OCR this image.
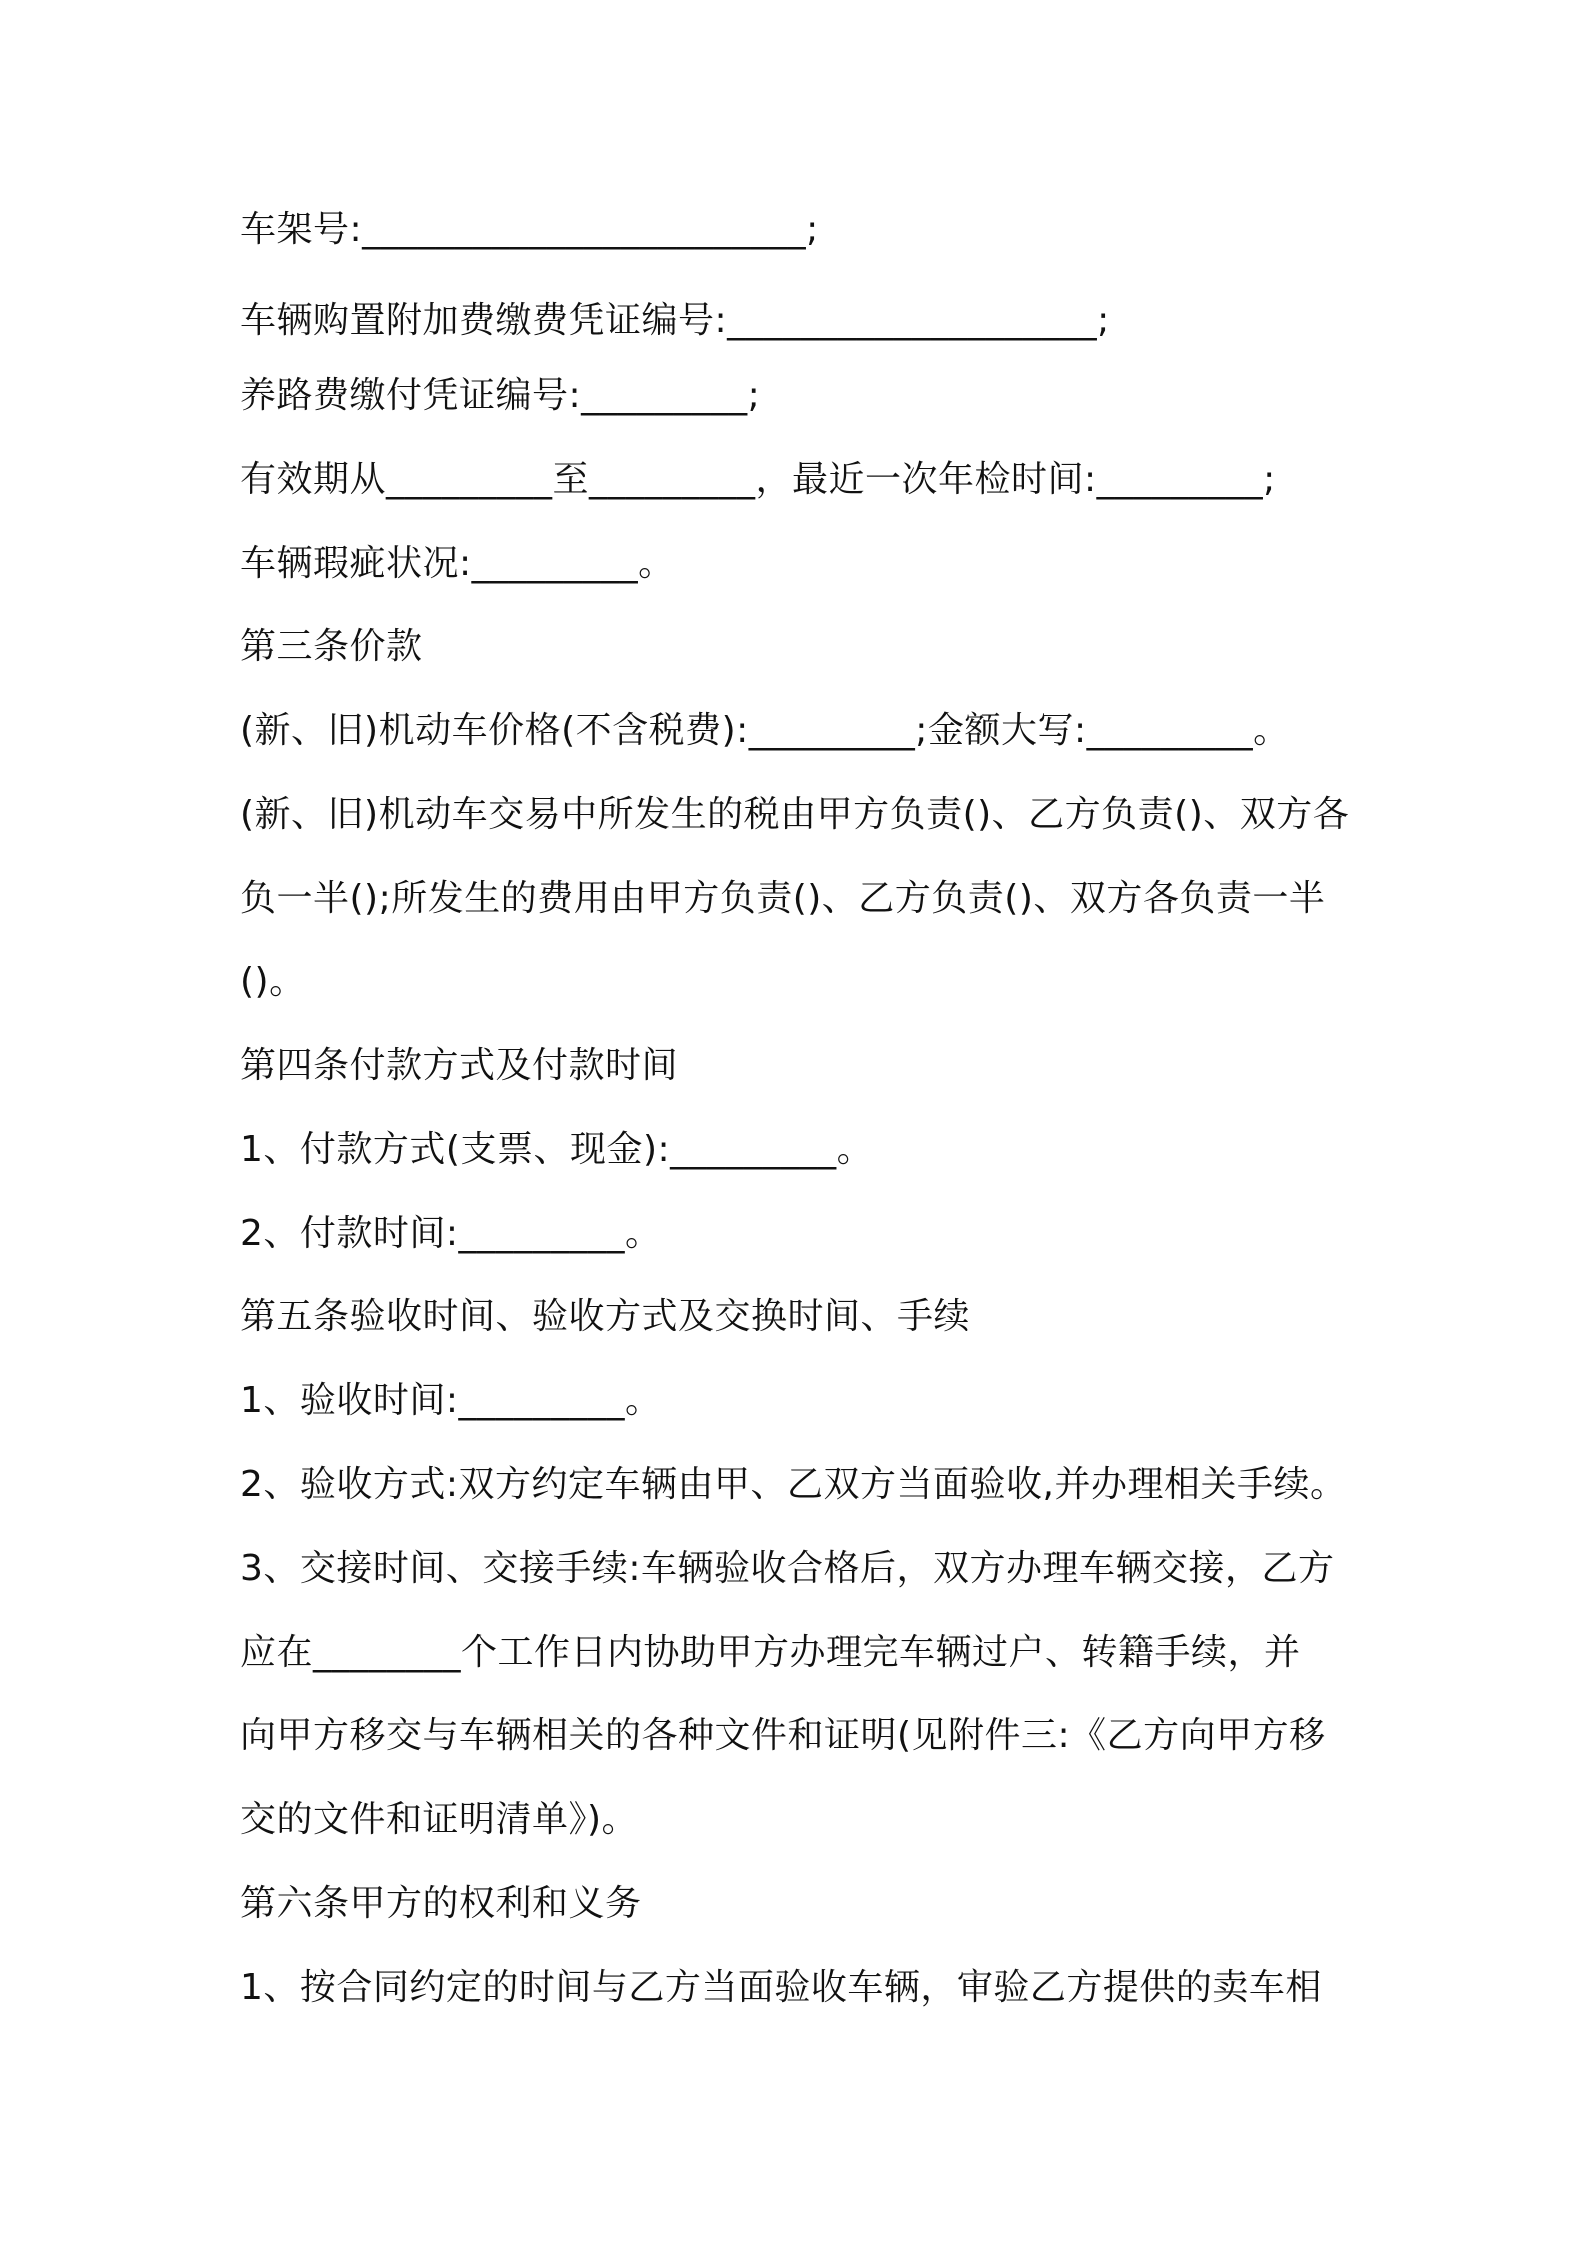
车架号:________________________;
车辆购置附加费缴费凭证编号:____________________;
养路费缴付凭证编号:_________;
有效期从_________至_________，最近一次年检时间:_________;
车辆瑕疵状况:_________。
第三条价款
(新、旧)机动车价格(不含税费):_________;金额大写:_________。
(新、旧)机动车交易中所发生的税由甲方负责()、乙方负责()、双方各
负一半();所发生的费用由甲方负责()、乙方负责()、双方各负责一半
()。
第四条付款方式及付款时间
1、付款方式(支票、现金):_________。
2、付款时间:_________。
第五条验收时间、验收方式及交换时间、手续
1、验收时间:_________。
2、验收方式:双方约定车辆由甲、乙双方当面验收,并办理相关手续。
3、交接时间、交接手续:车辆验收合格后，双方办理车辆交接，乙方
应在________个工作日内协助甲方办理完车辆过户、转籍手续，并
向甲方移交与车辆相关的各种文件和证明(见附件三:《乙方向甲方移
交的文件和证明清单》)。
第六条甲方的权利和义务
1、按合同约定的时间与乙方当面验收车辆，审验乙方提供的卖车相
